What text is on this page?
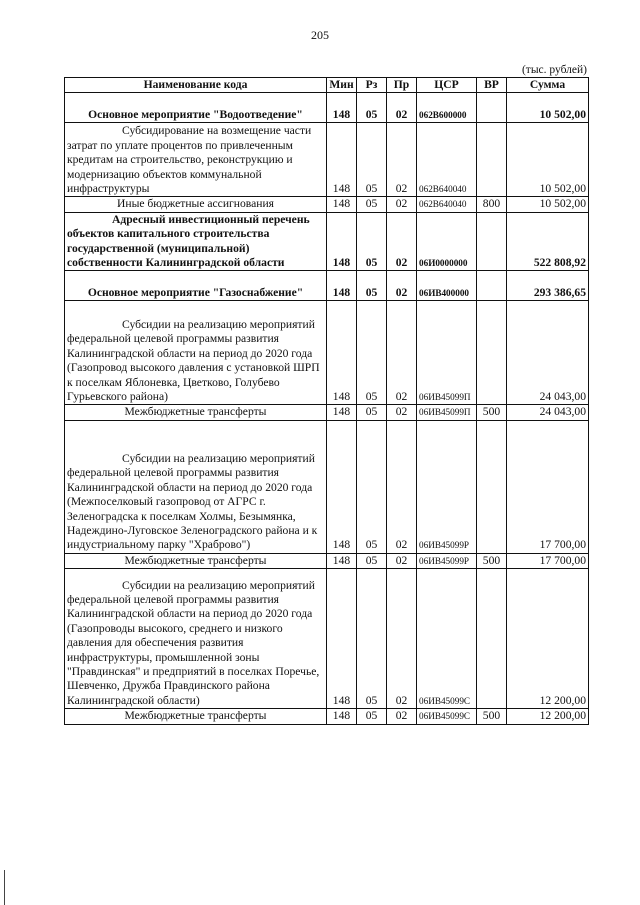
205
(тыс. рублей)
Наименование кода	Мин	Рз	Пр	ЦСР	ВР	Сумма
Основное мероприятие "Водоотведение"	148	05	02	062B600000		10 502,00
Субсидирование на возмещение части затрат по уплате процентов по привлеченным кредитам на строительство, реконструкцию и модернизацию объектов коммунальной инфраструктуры	148	05	02	062B640040		10 502,00
Иные бюджетные ассигнования	148	05	02	062B640040	800	10 502,00
Адресный инвестиционный перечень объектов капитального строительства государственной (муниципальной) собственности Калининградской области	148	05	02	06И0000000		522 808,92
Основное мероприятие "Газоснабжение"	148	05	02	06ИВ400000		293 386,65
Субсидии на реализацию мероприятий федеральной целевой программы развития Калининградской области на период до 2020 года (Газопровод высокого давления с установкой ШРП к поселкам Яблоневка, Цветково, Голубево Гурьевского района)	148	05	02	06ИВ45099П		24 043,00
Межбюджетные трансферты	148	05	02	06ИВ45099П	500	24 043,00
Субсидии на реализацию мероприятий федеральной целевой программы развития Калининградской области на период до 2020 года (Межпоселковый газопровод от АГРС г. Зеленоградска к поселкам Холмы, Безымянка, Надеждино-Луговское Зеленоградского района и к индустриальному парку "Храброво")	148	05	02	06ИВ45099Р		17 700,00
Межбюджетные трансферты	148	05	02	06ИВ45099Р	500	17 700,00
Субсидии на реализацию мероприятий федеральной целевой программы развития Калининградской области на период до 2020 года (Газопроводы высокого, среднего и низкого давления для обеспечения развития инфраструктуры, промышленной зоны "Правдинская" и предприятий в поселках Поречье, Шевченко, Дружба Правдинского района Калининградской области)	148	05	02	06ИВ45099С		12 200,00
Межбюджетные трансферты	148	05	02	06ИВ45099С	500	12 200,00
